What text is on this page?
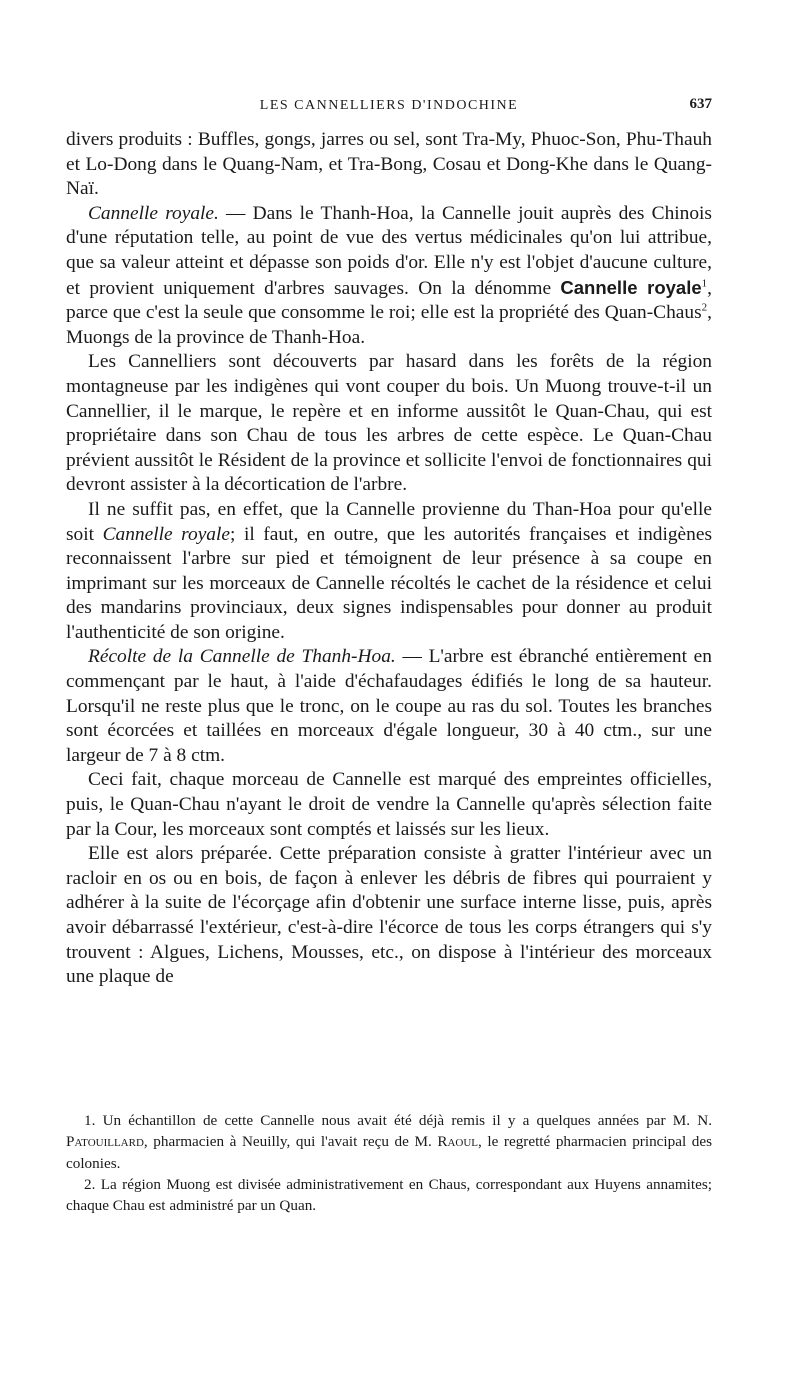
LES CANNELLIERS D'INDOCHINE	637

divers produits : Buffles, gongs, jarres ou sel, sont Tra-My, Phuoc-Son, Phu-Thauh et Lo-Dong dans le Quang-Nam, et Tra-Bong, Cosau et Dong-Khe dans le Quang-Naï.

Cannelle royale. — Dans le Thanh-Hoa, la Cannelle jouit auprès des Chinois d'une réputation telle, au point de vue des vertus médicinales qu'on lui attribue, que sa valeur atteint et dépasse son poids d'or. Elle n'y est l'objet d'aucune culture, et provient uniquement d'arbres sauvages. On la dénomme Cannelle royale$^1$, parce que c'est la seule que consomme le roi; elle est la propriété des Quan-Chaus$^2$, Muongs de la province de Thanh-Hoa.

Les Cannelliers sont découverts par hasard dans les forêts de la région montagneuse par les indigènes qui vont couper du bois. Un Muong trouve-t-il un Cannellier, il le marque, le repère et en informe aussitôt le Quan-Chau, qui est propriétaire dans son Chau de tous les arbres de cette espèce. Le Quan-Chau prévient aussitôt le Résident de la province et sollicite l'envoi de fonctionnaires qui devront assister à la décortication de l'arbre.

Il ne suffit pas, en effet, que la Cannelle provienne du Than-Hoa pour qu'elle soit Cannelle royale; il faut, en outre, que les autorités françaises et indigènes reconnaissent l'arbre sur pied et témoignent de leur présence à sa coupe en imprimant sur les morceaux de Cannelle récoltés le cachet de la résidence et celui des mandarins provinciaux, deux signes indispensables pour donner au produit l'authenticité de son origine.

Récolte de la Cannelle de Thanh-Hoa. — L'arbre est ébranché entièrement en commençant par le haut, à l'aide d'échafaudages édifiés le long de sa hauteur. Lorsqu'il ne reste plus que le tronc, on le coupe au ras du sol. Toutes les branches sont écorcées et taillées en morceaux d'égale longueur, 30 à 40 ctm., sur une largeur de 7 à 8 ctm.

Ceci fait, chaque morceau de Cannelle est marqué des empreintes officielles, puis, le Quan-Chau n'ayant le droit de vendre la Cannelle qu'après sélection faite par la Cour, les morceaux sont comptés et laissés sur les lieux.

Elle est alors préparée. Cette préparation consiste à gratter l'intérieur avec un racloir en os ou en bois, de façon à enlever les débris de fibres qui pourraient y adhérer à la suite de l'écorçage afin d'obtenir une surface interne lisse, puis, après avoir débarrassé l'extérieur, c'est-à-dire l'écorce de tous les corps étrangers qui s'y trouvent : Algues, Lichens, Mousses, etc., on dispose à l'intérieur des morceaux une plaque de

1. Un échantillon de cette Cannelle nous avait été déjà remis il y a quelques années par M. N. Patouillard, pharmacien à Neuilly, qui l'avait reçu de M. Raoul, le regretté pharmacien principal des colonies.

2. La région Muong est divisée administrativement en Chaus, correspondant aux Huyens annamites; chaque Chau est administré par un Quan.
